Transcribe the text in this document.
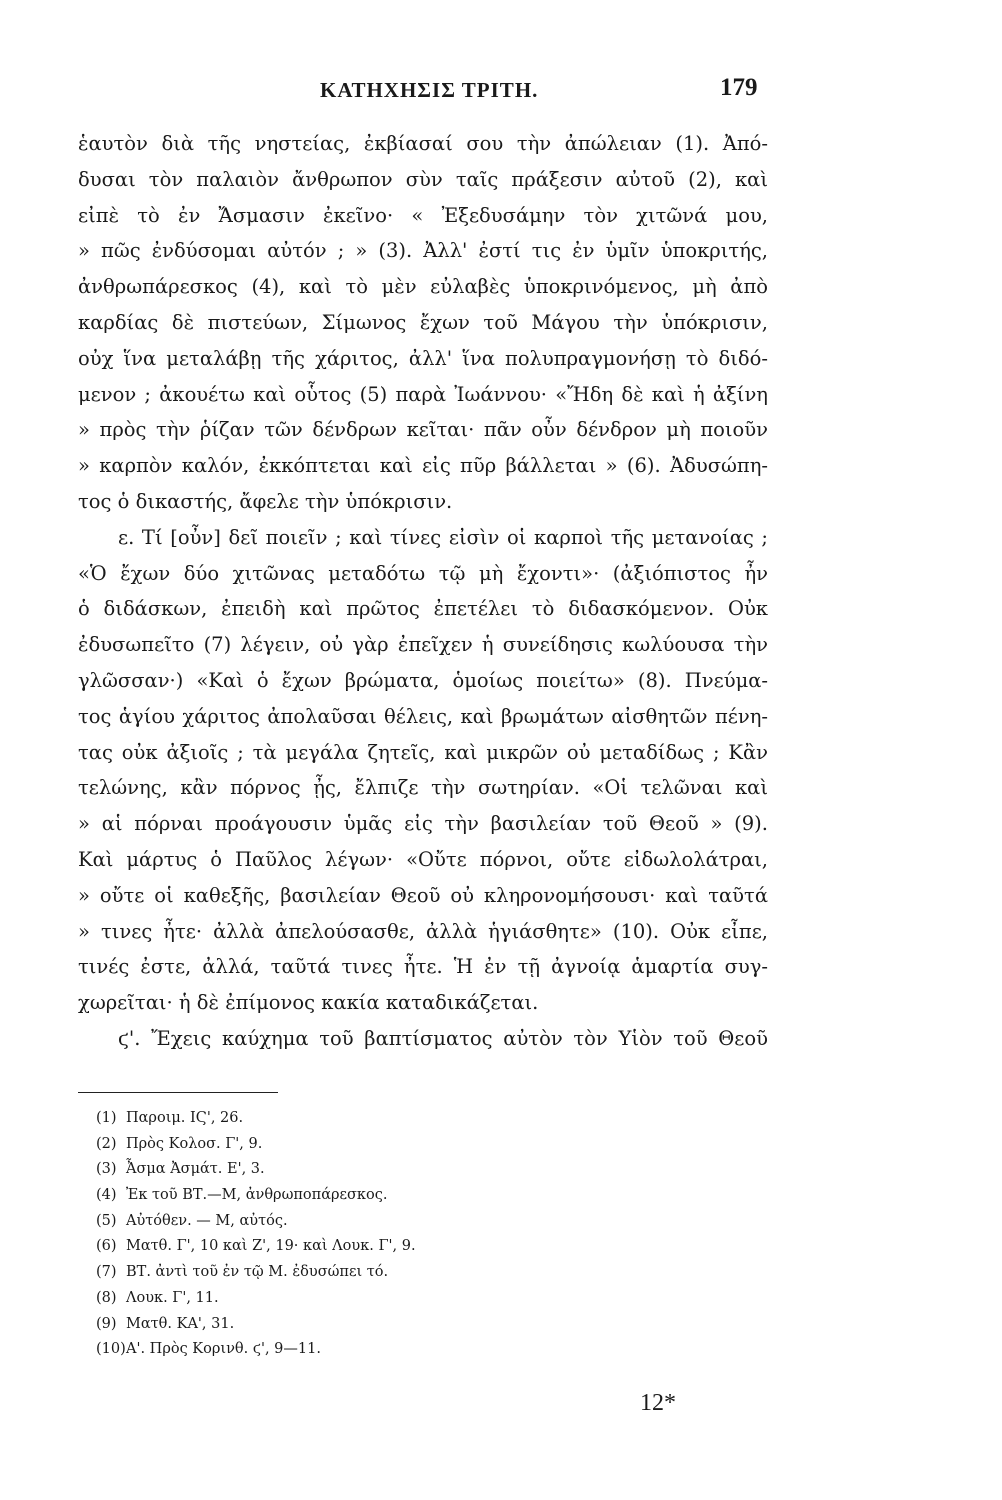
ΚΑΤΗΧΗΣΙΣ ΤΡΙΤΗ.	179
ἑαυτὸν διὰ τῆς νηστείας, ἐκβίασαί σου τὴν ἀπώλειαν (1). Ἀπό-
δυσαι τὸν παλαιὸν ἄνθρωπον σὺν ταῖς πράξεσιν αὐτοῦ (2), καὶ
εἰπὲ τὸ ἐν Ἄσμασιν ἐκεῖνο· « Ἐξεδυσάμην τὸν χιτῶνά μου,
» πῶς ἐνδύσομαι αὐτόν ; » (3). Ἀλλ' ἐστί τις ἐν ὑμῖν ὑποκριτής,
ἀνθρωπάρεσκος (4), καὶ τὸ μὲν εὐλαβὲς ὑποκρινόμενος, μὴ ἀπὸ
καρδίας δὲ πιστεύων, Σίμωνος ἔχων τοῦ Μάγου τὴν ὑπόκρισιν,
οὐχ ἵνα μεταλάβῃ τῆς χάριτος, ἀλλ' ἵνα πολυπραγμονήσῃ τὸ διδό-
μενον ; ἀκουέτω καὶ οὗτος (5) παρὰ Ἰωάννου· «Ἤδη δὲ καὶ ἡ ἀξίνη
» πρὸς τὴν ῥίζαν τῶν δένδρων κεῖται· πᾶν οὖν δένδρον μὴ ποιοῦν
» καρπὸν καλόν, ἐκκόπτεται καὶ εἰς πῦρ βάλλεται » (6). Ἀδυσώπη-
τος ὁ δικαστής, ἄφελε τὴν ὑπόκρισιν.
ε. Τί [οὖν] δεῖ ποιεῖν ; καὶ τίνες εἰσὶν οἱ καρποὶ τῆς μετανοίας ;
«Ὁ ἔχων δύο χιτῶνας μεταδότω τῷ μὴ ἔχοντι»· (ἀξιόπιστος ἦν
ὁ διδάσκων, ἐπειδὴ καὶ πρῶτος ἐπετέλει τὸ διδασκόμενον. Οὐκ
ἐδυσωπεῖτο (7) λέγειν, οὐ γὰρ ἐπεῖχεν ἡ συνείδησις κωλύουσα τὴν
γλῶσσαν·) «Καὶ ὁ ἔχων βρώματα, ὁμοίως ποιείτω» (8). Πνεύμα-
τος ἁγίου χάριτος ἀπολαῦσαι θέλεις, καὶ βρωμάτων αἰσθητῶν πένη-
τας οὐκ ἀξιοῖς ; τὰ μεγάλα ζητεῖς, καὶ μικρῶν οὐ μεταδίδως ; Κἂν
τελώνης, κἂν πόρνος ᾖς, ἔλπιζε τὴν σωτηρίαν. «Οἱ τελῶναι καὶ
» αἱ πόρναι προάγουσιν ὑμᾶς εἰς τὴν βασιλείαν τοῦ Θεοῦ » (9).
Καὶ μάρτυς ὁ Παῦλος λέγων· «Οὔτε πόρνοι, οὔτε εἰδωλολάτραι,
» οὔτε οἱ καθεξῆς, βασιλείαν Θεοῦ οὐ κληρονομήσουσι· καὶ ταῦτά
» τινες ἦτε· ἀλλὰ ἀπελούσασθε, ἀλλὰ ἡγιάσθητε» (10). Οὐκ εἶπε,
τινές ἐστε, ἀλλά, ταῦτά τινες ἦτε. Ἡ ἐν τῇ ἀγνοίᾳ ἁμαρτία συγ-
χωρεῖται· ἡ δὲ ἐπίμονος κακία καταδικάζεται.
ϛ'. Ἔχεις καύχημα τοῦ βαπτίσματος αὐτὸν τὸν Υἱὸν τοῦ Θεοῦ
(1) Παροιμ. ΙϚ', 26.
(2) Πρὸς Κολοσ. Γ', 9.
(3) Ἆσμα Ἀσμάτ. Ε', 3.
(4) Ἐκ τοῦ ΒΤ.—Μ, ἀνθρωποπάρεσκος.
(5) Αὐτόθεν. — Μ, αὐτός.
(6) Ματθ. Γ', 10 καὶ Ζ', 19· καὶ Λουκ. Γ', 9.
(7) ΒΤ. ἀντὶ τοῦ ἐν τῷ Μ. ἐδυσώπει τό.
(8) Λουκ. Γ', 11.
(9) Ματθ. ΚΑ', 31.
(10)Α'. Πρὸς Κορινθ. ϛ', 9—11.
12*
